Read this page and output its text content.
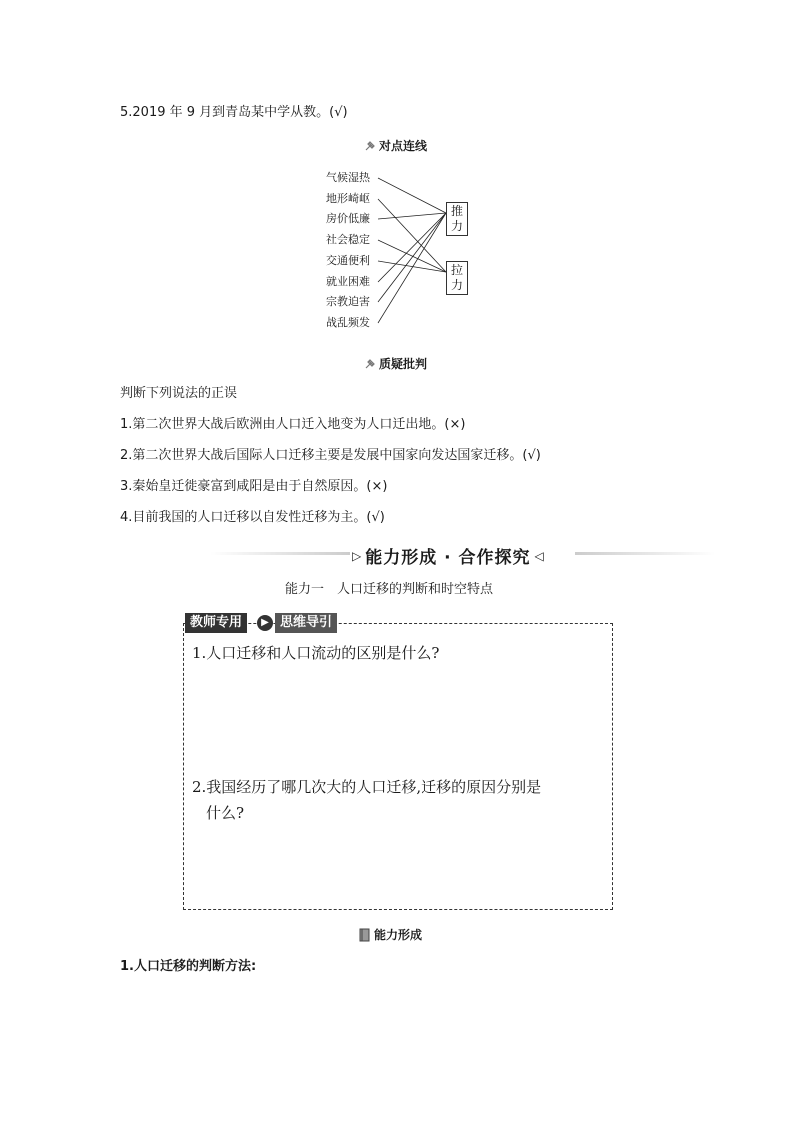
5.2019 年 9 月到青岛某中学从教。(√)
对点连线
气候湿热
地形崎岖
房价低廉
社会稳定
交通便利
就业困难
宗教迫害
战乱频发
推
力
拉
力
质疑批判
判断下列说法的正误
1.第二次世界大战后欧洲由人口迁入地变为人口迁出地。(×)
2.第二次世界大战后国际人口迁移主要是发展中国家向发达国家迁移。(√)
3.秦始皇迁徙豪富到咸阳是由于自然原因。(×)
4.目前我国的人口迁移以自发性迁移为主。(√)
▷ 能力形成 · 合作探究 ◁
能力一　人口迁移的判断和时空特点
教师专用	▶ 思维导引
1.人口迁移和人口流动的区别是什么?
2.我国经历了哪几次大的人口迁移,迁移的原因分别是
什么?
能力形成
1.人口迁移的判断方法:
